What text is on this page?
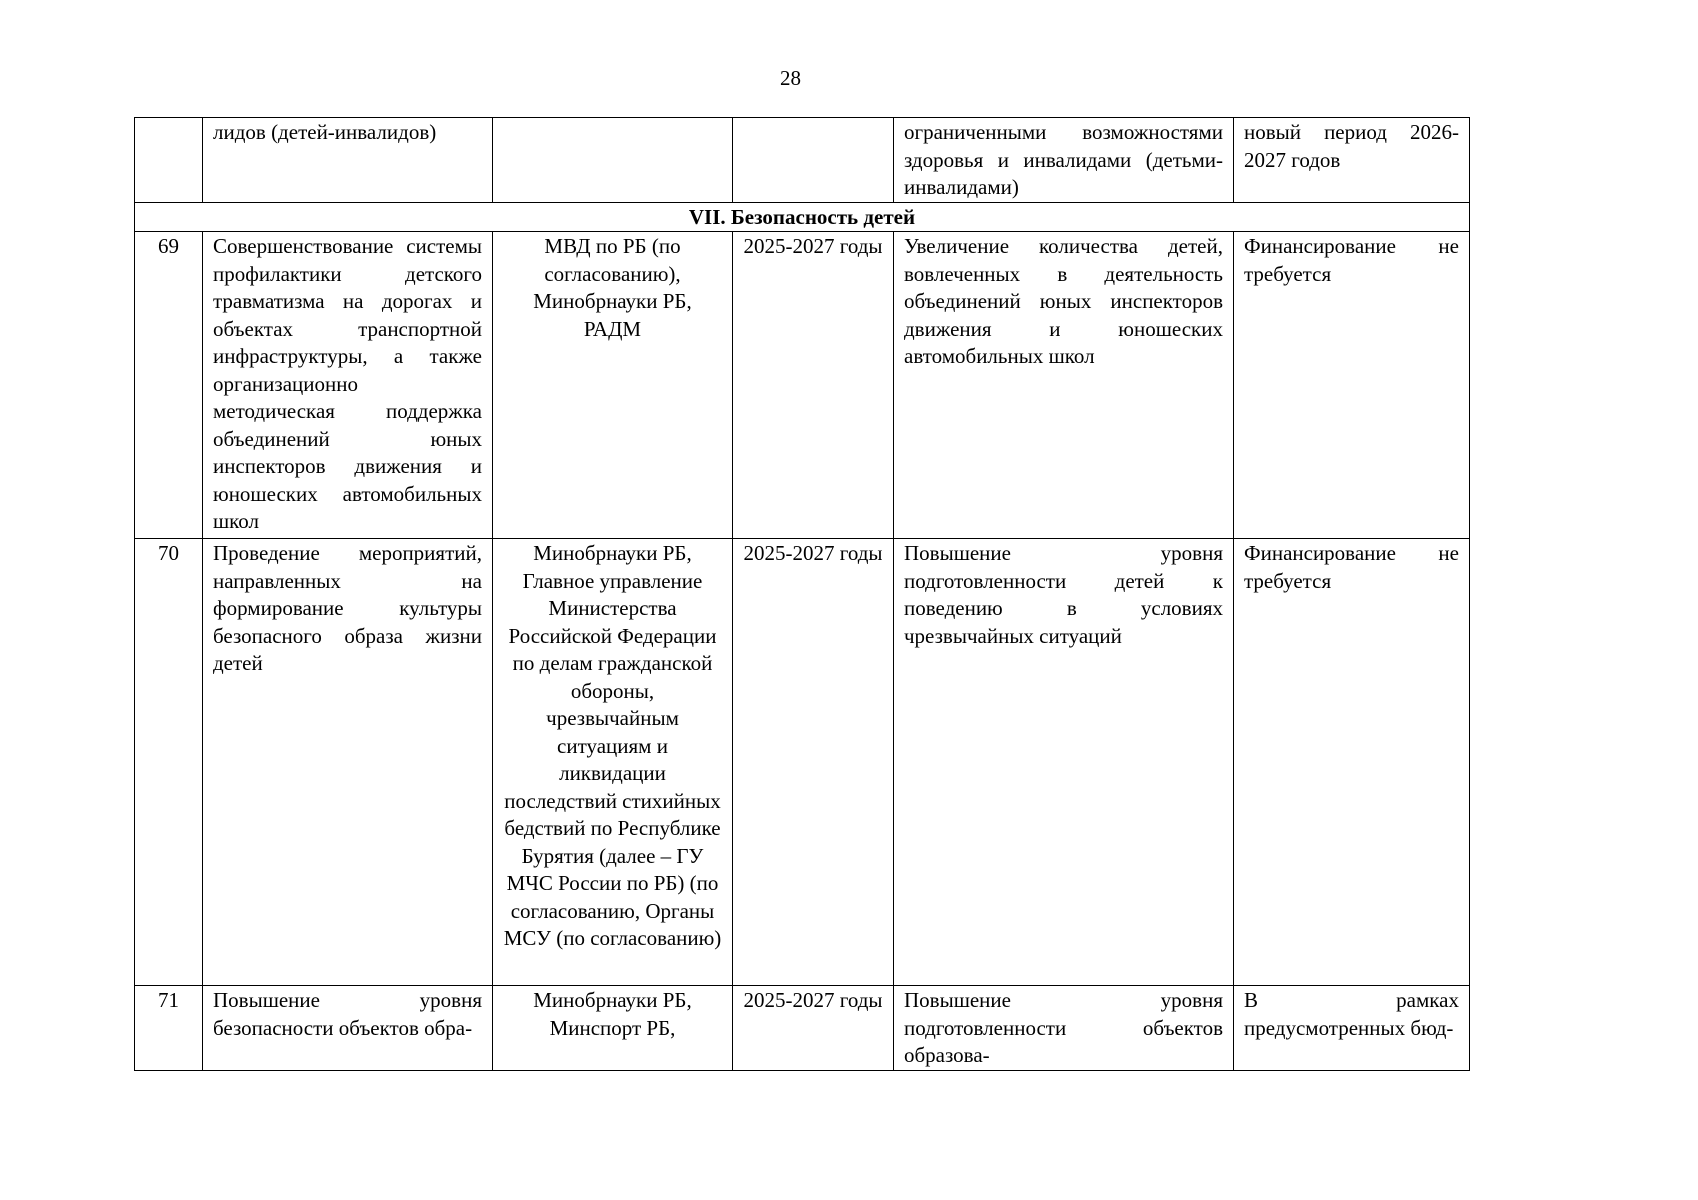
28
	лидов (детей-инвалидов)			ограниченными возможностями здоровья и инвалидами (детьми-инвалидами)	новый период 2026-2027 годов
VII. Безопасность детей					
69	Совершенствование системы профилактики детского травматизма на дорогах и объектах транспортной инфраструктуры, а также организационно методическая поддержка объединений юных инспекторов движения и юношеских автомобильных школ	МВД по РБ (по согласованию), Минобрнауки РБ, РАДМ	2025-2027 годы	Увеличение количества детей, вовлеченных в деятельность объединений юных инспекторов движения и юношеских автомобильных школ	Финансирование не требуется
70	Проведение мероприятий, направленных на формирование культуры безопасного образа жизни детей	Минобрнауки РБ, Главное управление Министерства Российской Федерации по делам гражданской обороны, чрезвычайным ситуациям и ликвидации последствий стихийных бедствий по Республике Бурятия (далее – ГУ МЧС России по РБ) (по согласованию, Органы МСУ (по согласованию)	2025-2027 годы	Повышение уровня подготовленности детей к поведению в условиях чрезвычайных ситуаций	Финансирование не требуется
71	Повышение уровня безопасности объектов обра-	Минобрнауки РБ, Минспорт РБ,	2025-2027 годы	Повышение уровня подготовленности объектов образова-	В рамках предусмотренных бюд-
